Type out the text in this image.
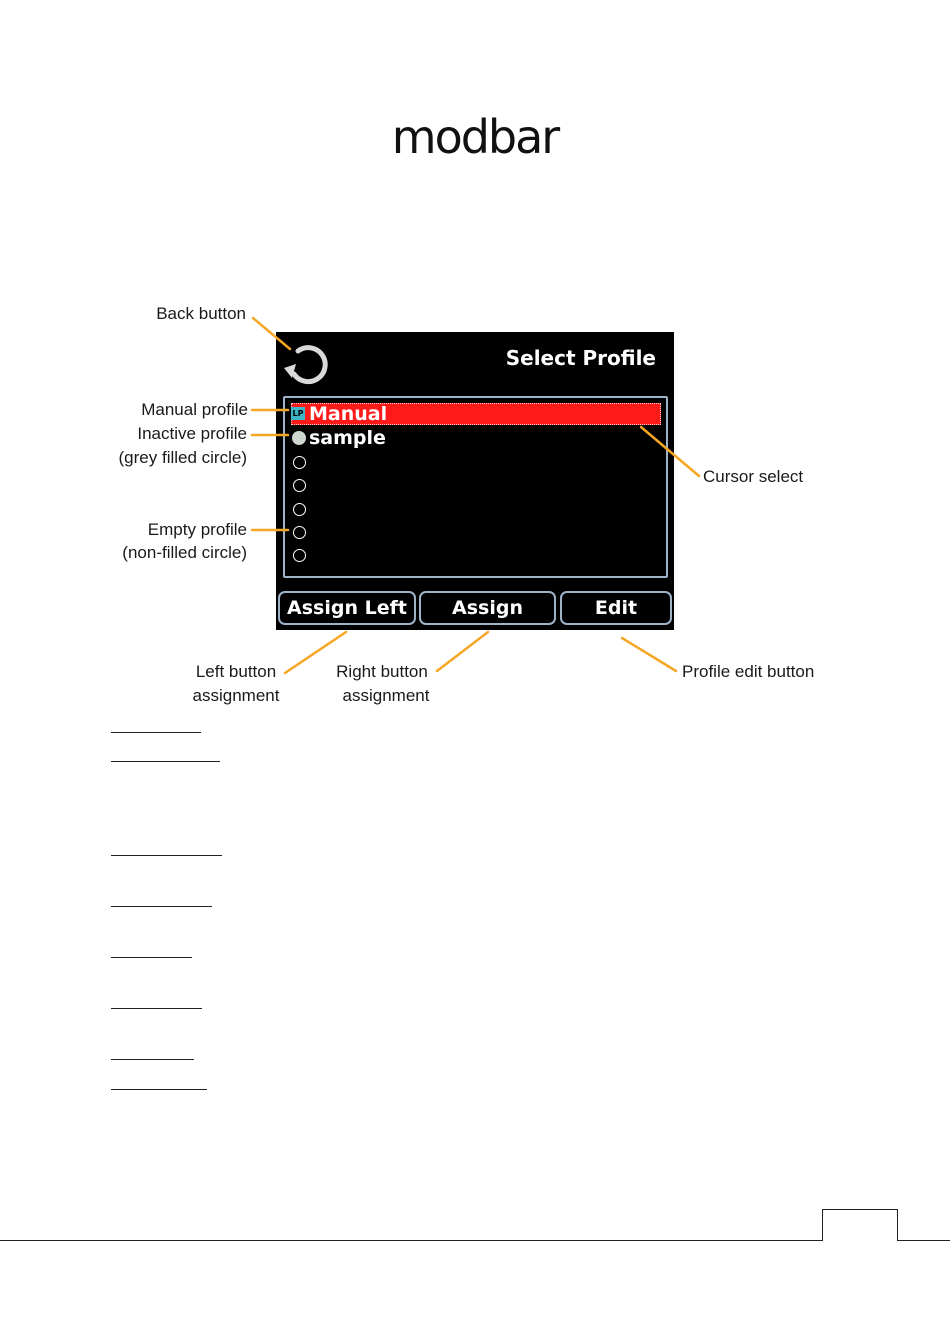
modbar
Back button
Manual profile
Inactive profile
(grey filled circle)
Empty profile
(non-filled circle)
Cursor select
Left button
assignment
Right button
assignment
Profile edit button
Select Profile
LP Manual
sample
Assign Left	Assign Right
Edit
